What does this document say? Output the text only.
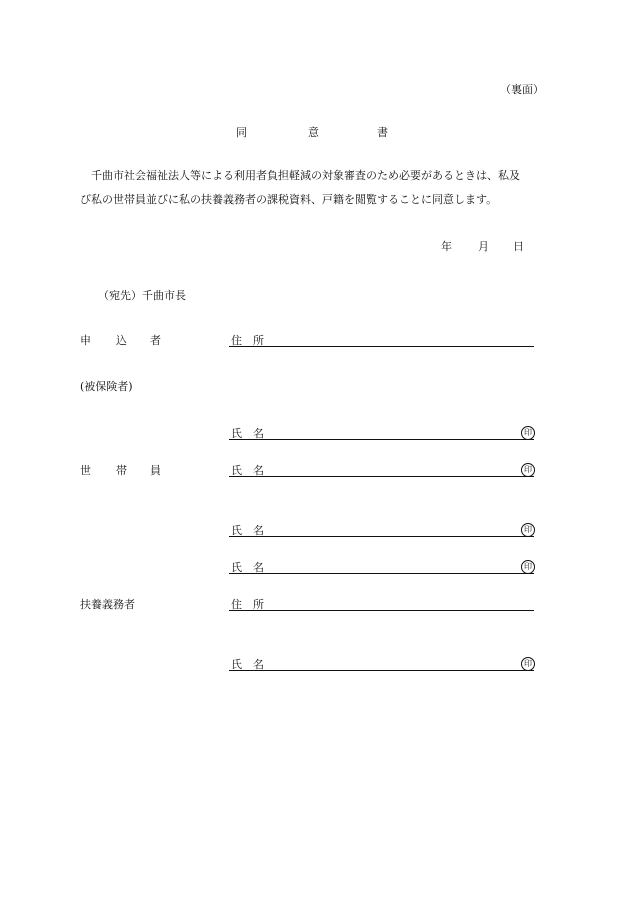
（裏面）
同	意	書
　千曲市社会福祉法人等による利用者負担軽減の対象審査のため必要があるときは、私及
び私の世帯員並びに私の扶養義務者の課税資料、戸籍を閲覧することに同意します。
年 月 日
（宛先）千曲市長
申 込 者	住　所
(被保険者)
氏　名	印
世 帯 員	氏　名	印
氏　名	印
氏　名	印
扶養義務者	住　所
氏　名	印
